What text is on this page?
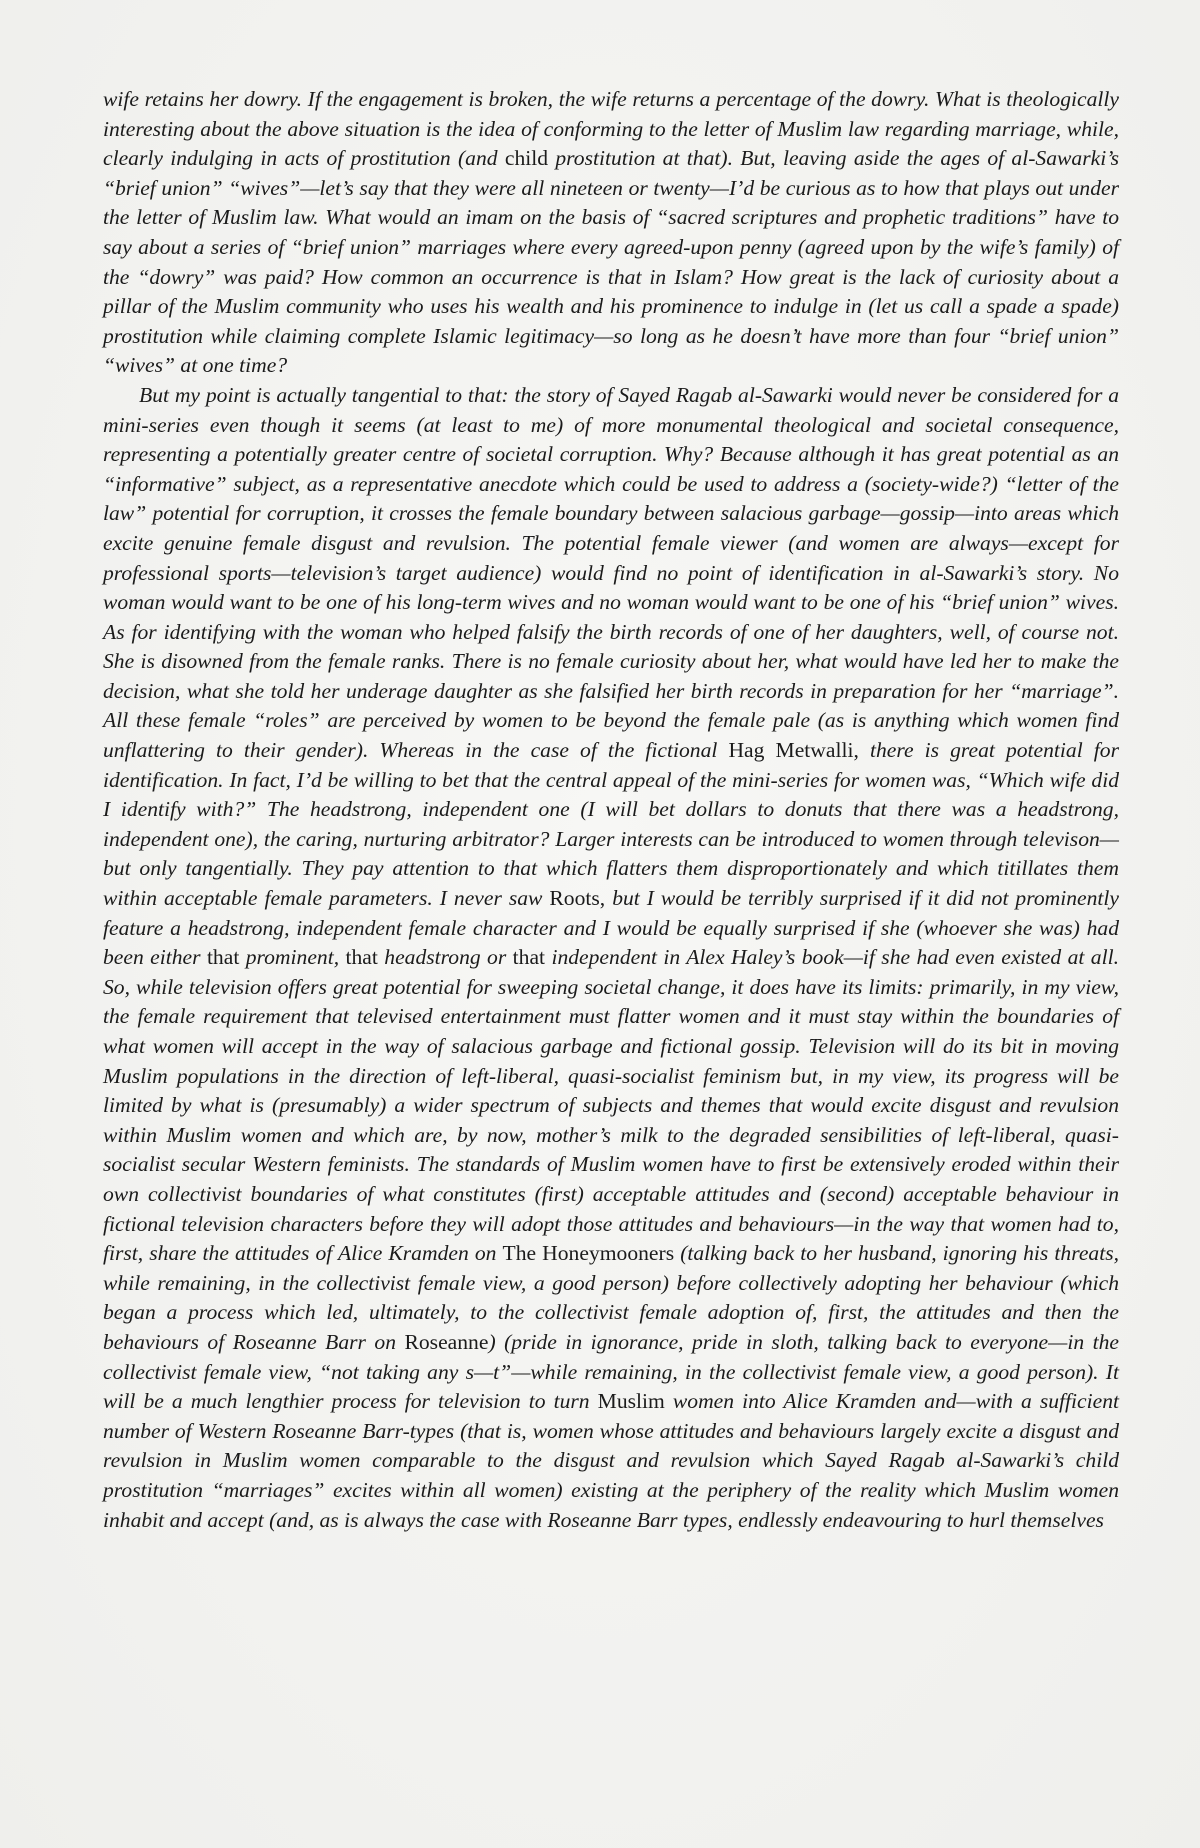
wife retains her dowry. If the engagement is broken, the wife returns a percentage of the dowry. What is theologically interesting about the above situation is the idea of conforming to the letter of Muslim law regarding marriage, while, clearly indulging in acts of prostitution (and child prostitution at that). But, leaving aside the ages of al-Sawarki’s “brief union” “wives”—let’s say that they were all nineteen or twenty—I’d be curious as to how that plays out under the letter of Muslim law. What would an imam on the basis of “sacred scriptures and prophetic traditions” have to say about a series of “brief union” marriages where every agreed-upon penny (agreed upon by the wife’s family) of the “dowry” was paid? How common an occurrence is that in Islam? How great is the lack of curiosity about a pillar of the Muslim community who uses his wealth and his prominence to indulge in (let us call a spade a spade) prostitution while claiming complete Islamic legitimacy—so long as he doesn’t have more than four “brief union” “wives” at one time?

But my point is actually tangential to that: the story of Sayed Ragab al-Sawarki would never be considered for a mini-series even though it seems (at least to me) of more monumental theological and societal consequence, representing a potentially greater centre of societal corruption. Why? Because although it has great potential as an “informative” subject, as a representative anecdote which could be used to address a (society-wide?) “letter of the law” potential for corruption, it crosses the female boundary between salacious garbage—gossip—into areas which excite genuine female disgust and revulsion. The potential female viewer (and women are always—except for professional sports—television’s target audience) would find no point of identification in al-Sawarki’s story. No woman would want to be one of his long-term wives and no woman would want to be one of his “brief union” wives. As for identifying with the woman who helped falsify the birth records of one of her daughters, well, of course not. She is disowned from the female ranks. There is no female curiosity about her, what would have led her to make the decision, what she told her underage daughter as she falsified her birth records in preparation for her “marriage”. All these female “roles” are perceived by women to be beyond the female pale (as is anything which women find unflattering to their gender). Whereas in the case of the fictional Hag Metwalli, there is great potential for identification. In fact, I’d be willing to bet that the central appeal of the mini-series for women was, “Which wife did I identify with?” The headstrong, independent one (I will bet dollars to donuts that there was a headstrong, independent one), the caring, nurturing arbitrator? Larger interests can be introduced to women through televison—but only tangentially. They pay attention to that which flatters them disproportionately and which titillates them within acceptable female parameters. I never saw Roots, but I would be terribly surprised if it did not prominently feature a headstrong, independent female character and I would be equally surprised if she (whoever she was) had been either that prominent, that headstrong or that independent in Alex Haley’s book—if she had even existed at all. So, while television offers great potential for sweeping societal change, it does have its limits: primarily, in my view, the female requirement that televised entertainment must flatter women and it must stay within the boundaries of what women will accept in the way of salacious garbage and fictional gossip. Television will do its bit in moving Muslim populations in the direction of left-liberal, quasi-socialist feminism but, in my view, its progress will be limited by what is (presumably) a wider spectrum of subjects and themes that would excite disgust and revulsion within Muslim women and which are, by now, mother’s milk to the degraded sensibilities of left-liberal, quasi-socialist secular Western feminists. The standards of Muslim women have to first be extensively eroded within their own collectivist boundaries of what constitutes (first) acceptable attitudes and (second) acceptable behaviour in fictional television characters before they will adopt those attitudes and behaviours—in the way that women had to, first, share the attitudes of Alice Kramden on The Honeymooners (talking back to her husband, ignoring his threats, while remaining, in the collectivist female view, a good person) before collectively adopting her behaviour (which began a process which led, ultimately, to the collectivist female adoption of, first, the attitudes and then the behaviours of Roseanne Barr on Roseanne) (pride in ignorance, pride in sloth, talking back to everyone—in the collectivist female view, “not taking any s—t”—while remaining, in the collectivist female view, a good person). It will be a much lengthier process for television to turn Muslim women into Alice Kramden and—with a sufficient number of Western Roseanne Barr-types (that is, women whose attitudes and behaviours largely excite a disgust and revulsion in Muslim women comparable to the disgust and revulsion which Sayed Ragab al-Sawarki’s child prostitution “marriages” excites within all women) existing at the periphery of the reality which Muslim women inhabit and accept (and, as is always the case with Roseanne Barr types, endlessly endeavouring to hurl themselves
